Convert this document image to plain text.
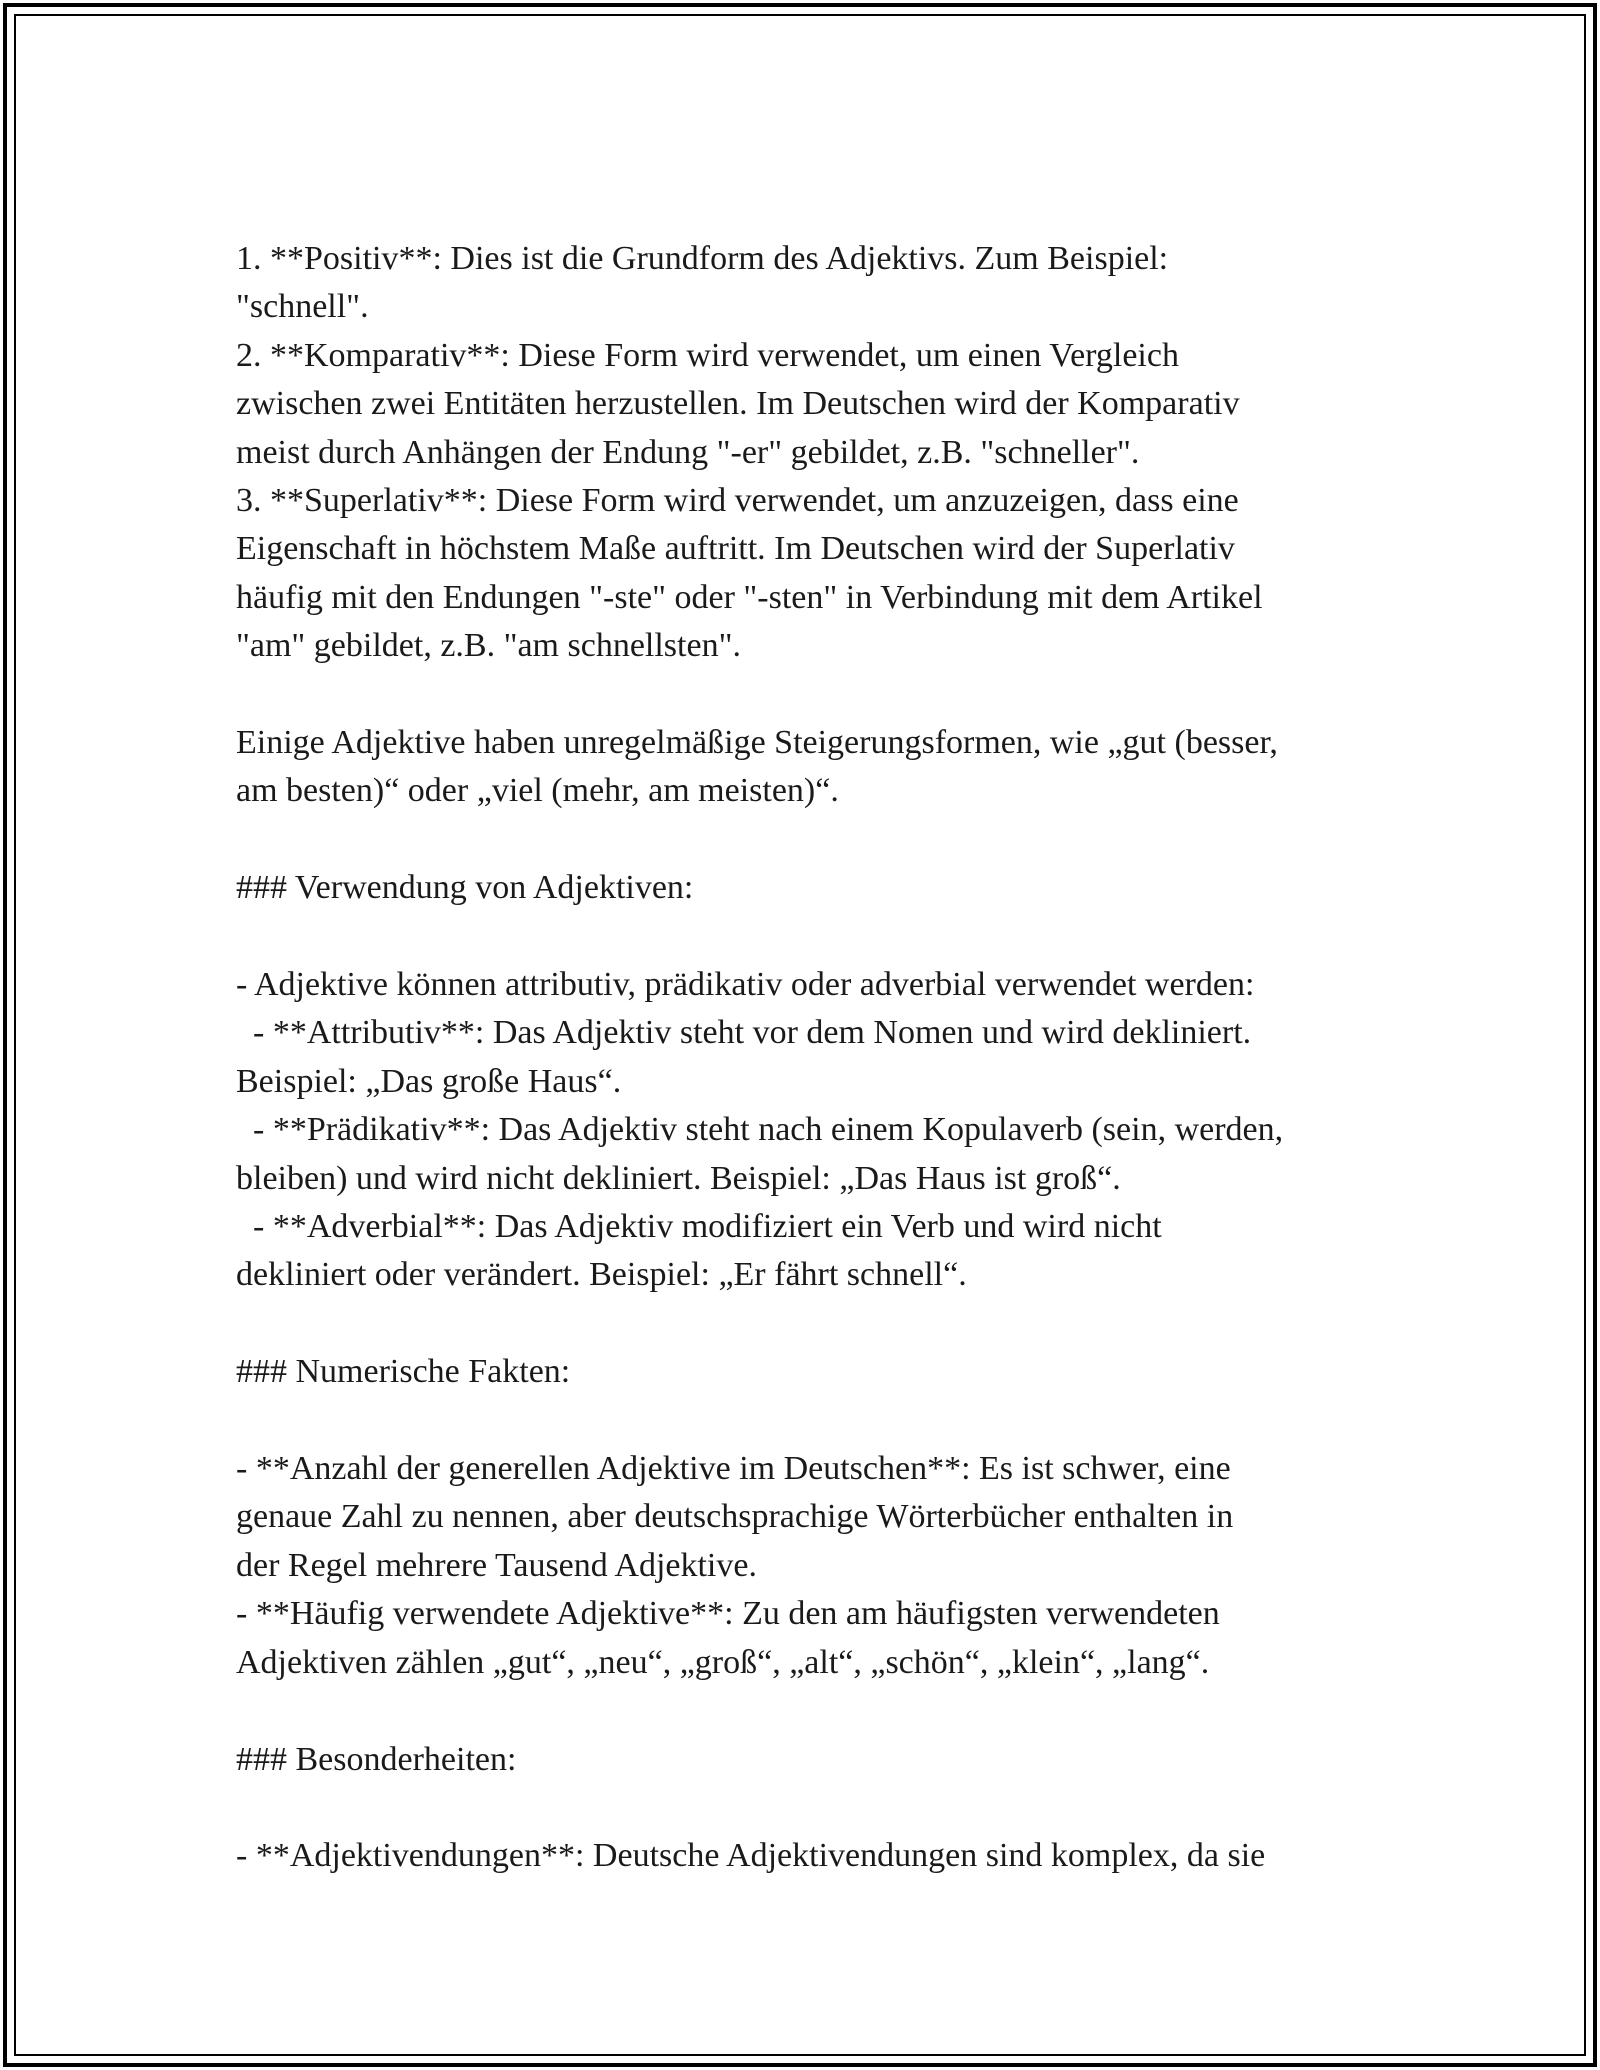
1. **Positiv**: Dies ist die Grundform des Adjektivs. Zum Beispiel:
"schnell".
2. **Komparativ**: Diese Form wird verwendet, um einen Vergleich
zwischen zwei Entitäten herzustellen. Im Deutschen wird der Komparativ
meist durch Anhängen der Endung "-er" gebildet, z.B. "schneller".
3. **Superlativ**: Diese Form wird verwendet, um anzuzeigen, dass eine
Eigenschaft in höchstem Maße auftritt. Im Deutschen wird der Superlativ
häufig mit den Endungen "-ste" oder "-sten" in Verbindung mit dem Artikel
"am" gebildet, z.B. "am schnellsten".
Einige Adjektive haben unregelmäßige Steigerungsformen, wie „gut (besser,
am besten)“ oder „viel (mehr, am meisten)“.
### Verwendung von Adjektiven:
- Adjektive können attributiv, prädikativ oder adverbial verwendet werden:
- **Attributiv**: Das Adjektiv steht vor dem Nomen und wird dekliniert.
Beispiel: „Das große Haus“.
- **Prädikativ**: Das Adjektiv steht nach einem Kopulaverb (sein, werden,
bleiben) und wird nicht dekliniert. Beispiel: „Das Haus ist groß“.
- **Adverbial**: Das Adjektiv modifiziert ein Verb und wird nicht
dekliniert oder verändert. Beispiel: „Er fährt schnell“.
### Numerische Fakten:
- **Anzahl der generellen Adjektive im Deutschen**: Es ist schwer, eine
genaue Zahl zu nennen, aber deutschsprachige Wörterbücher enthalten in
der Regel mehrere Tausend Adjektive.
- **Häufig verwendete Adjektive**: Zu den am häufigsten verwendeten
Adjektiven zählen „gut“, „neu“, „groß“, „alt“, „schön“, „klein“, „lang“.
### Besonderheiten:
- **Adjektivendungen**: Deutsche Adjektivendungen sind komplex, da sie
